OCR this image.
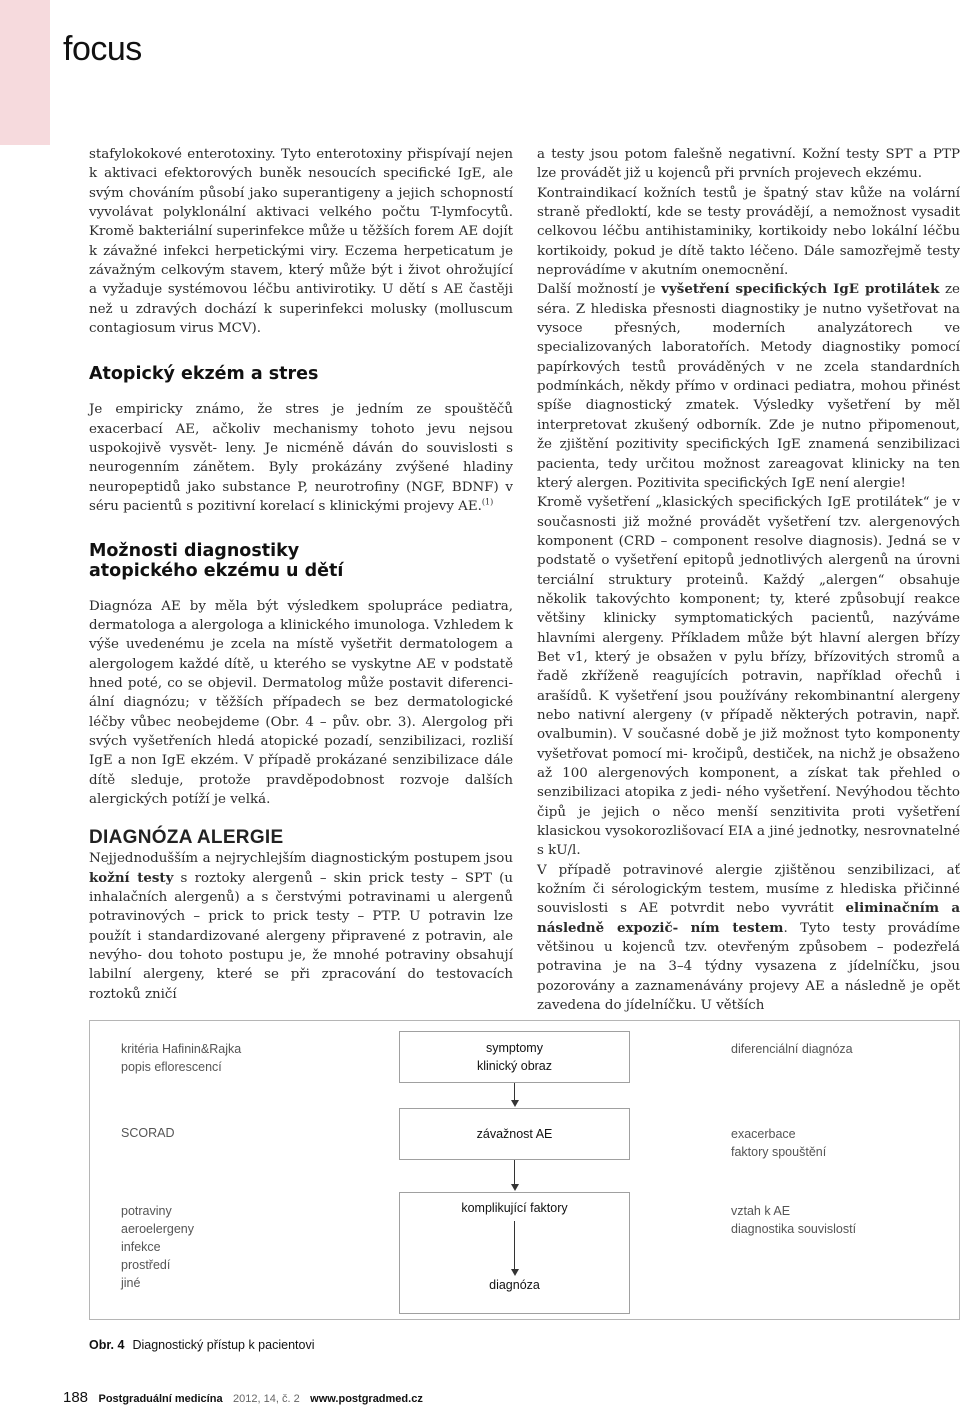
focus

stafylokokové enterotoxiny. Tyto enterotoxiny přispívají nejen k aktivaci efektorových buněk nesoucích specifické IgE, ale svým chováním působí jako superantigeny a jejich schopností vyvolávat polyklonální aktivaci velkého počtu T-lymfocytů. Kromě bakteriální superinfekce může u těžších forem AE dojít k závažné infekci herpetickými viry. Eczema herpeticatum je závažným celkovým stavem, který může být i život ohrožující a vyžaduje systémovou léčbu antivirotiky. U dětí s AE častěji než u zdravých dochází k superinfekci molusky (molluscum contagiosum virus MCV).

Atopický ekzém a stres

Je empiricky známo, že stres je jedním ze spouštěčů exacerbací AE, ačkoliv mechanismy tohoto jevu nejsou uspokojivě vysvět- leny. Je nicméně dáván do souvislosti s neurogenním zánětem. Byly prokázány zvýšené hladiny neuropeptidů jako substance P, neurotrofiny (NGF, BDNF) v séru pacientů s pozitivní korelací s klinickými projevy AE.$^{(1)}$

Možnosti diagnostiky
atopického ekzému u dětí

Diagnóza AE by měla být výsledkem spolupráce pediatra, dermatologa a alergologa a klinického imunologa. Vzhledem k výše uvedenému je zcela na místě vyšetřit dermatologem a alergologem každé dítě, u kterého se vyskytne AE v podstatě hned poté, co se objevil. Dermatolog může postavit diferenci- ální diagnózu; v těžších případech se bez dermatologické léčby vůbec neobejdeme (Obr. 4 – pův. obr. 3). Alergolog při svých vyšetřeních hledá atopické pozadí, senzibilizaci, rozliší IgE a non IgE ekzém. V případě prokázané senzibilizace dále dítě sleduje, protože pravděpodobnost rozvoje dalších alergických potíží je velká.

DIAGNÓZA ALERGIE

Nejjednodušším a nejrychlejším diagnostickým postupem jsou kožní testy s roztoky alergenů – skin prick testy – SPT (u inhalačních alergenů) a s čerstvými potravinami u alergenů potravinových – prick to prick testy – PTP. U potravin lze použít i standardizované alergeny připravené z potravin, ale nevýho- dou tohoto postupu je, že mnohé potraviny obsahují labilní alergeny, které se při zpracování do testovacích roztoků zničí

a testy jsou potom falešně negativní. Kožní testy SPT a PTP lze provádět již u kojenců při prvních projevech ekzému.

Kontraindikací kožních testů je špatný stav kůže na volární straně předloktí, kde se testy provádějí, a nemožnost vysadit celkovou léčbu antihistaminiky, kortikoidy nebo lokální léčbu kortikoidy, pokud je dítě takto léčeno. Dále samozřejmě testy neprovádíme v akutním onemocnění.

Další možností je vyšetření specifických IgE protilátek ze séra. Z hlediska přesnosti diagnostiky je nutno vyšetřovat na vysoce přesných, moderních analyzátorech ve specializovaných laboratořích. Metody diagnostiky pomocí papírkových testů prováděných v ne zcela standardních podmínkách, někdy přímo v ordinaci pediatra, mohou přinést spíše diagnostický zmatek. Výsledky vyšetření by měl interpretovat zkušený odborník. Zde je nutno připomenout, že zjištění pozitivity specifických IgE znamená senzibilizaci pacienta, tedy určitou možnost zareagovat klinicky na ten který alergen. Pozitivita specifických IgE není alergie!

Kromě vyšetření „klasických specifických IgE protilátek“ je v současnosti již možné provádět vyšetření tzv. alergenových komponent (CRD – component resolve diagnosis). Jedná se v podstatě o vyšetření epitopů jednotlivých alergenů na úrovni terciální struktury proteinů. Každý „alergen“ obsahuje několik takovýchto komponent; ty, které způsobují reakce většiny klinicky symptomatických pacientů, nazýváme hlavními alergeny. Příkladem může být hlavní alergen břízy Bet v1, který je obsažen v pylu břízy, břízovitých stromů a řadě zkříženě reagujících potravin, například ořechů i arašídů. K vyšetření jsou používány rekombinantní alergeny nebo nativní alergeny (v případě některých potravin, např. ovalbumin). V současné době je již možnost tyto komponenty vyšetřovat pomocí mi- kročipů, destiček, na nichž je obsaženo až 100 alergenových komponent, a získat tak přehled o senzibilizaci atopika z jedi- ného vyšetření. Nevýhodou těchto čipů je jejich o něco menší senzitivita proti vyšetření klasickou vysokorozlišovací EIA a jiné jednotky, nesrovnatelné s kU/l.

V případě potravinové alergie zjištěnou senzibilizaci, ať kožním či sérologickým testem, musíme z hlediska přičinné souvislosti s AE potvrdit nebo vyvrátit eliminačním a následně expozič- ním testem. Tyto testy provádíme většinou u kojenců tzv. otevřeným způsobem – podezřelá potravina je na 3–4 týdny vysazena z jídelníčku, jsou pozorovány a zaznamenávány projevy AE a následně je opět zavedena do jídelníčku. U větších

kritéria Hafinin&Rajka
popis eflorescencí
SCORAD
potraviny
aeroelergeny
infekce
prostředí
jiné
symptomy
klinický obraz
závažnost AE
komplikující faktory
diagnóza
diferenciální diagnóza
exacerbace
faktory spouštění
vztah k AE
diagnostika souvislostí
Obr. 4 Diagnostický přístup k pacientovi
188 Postgraduální medicína 2012, 14, č. 2 www.postgradmed.cz
